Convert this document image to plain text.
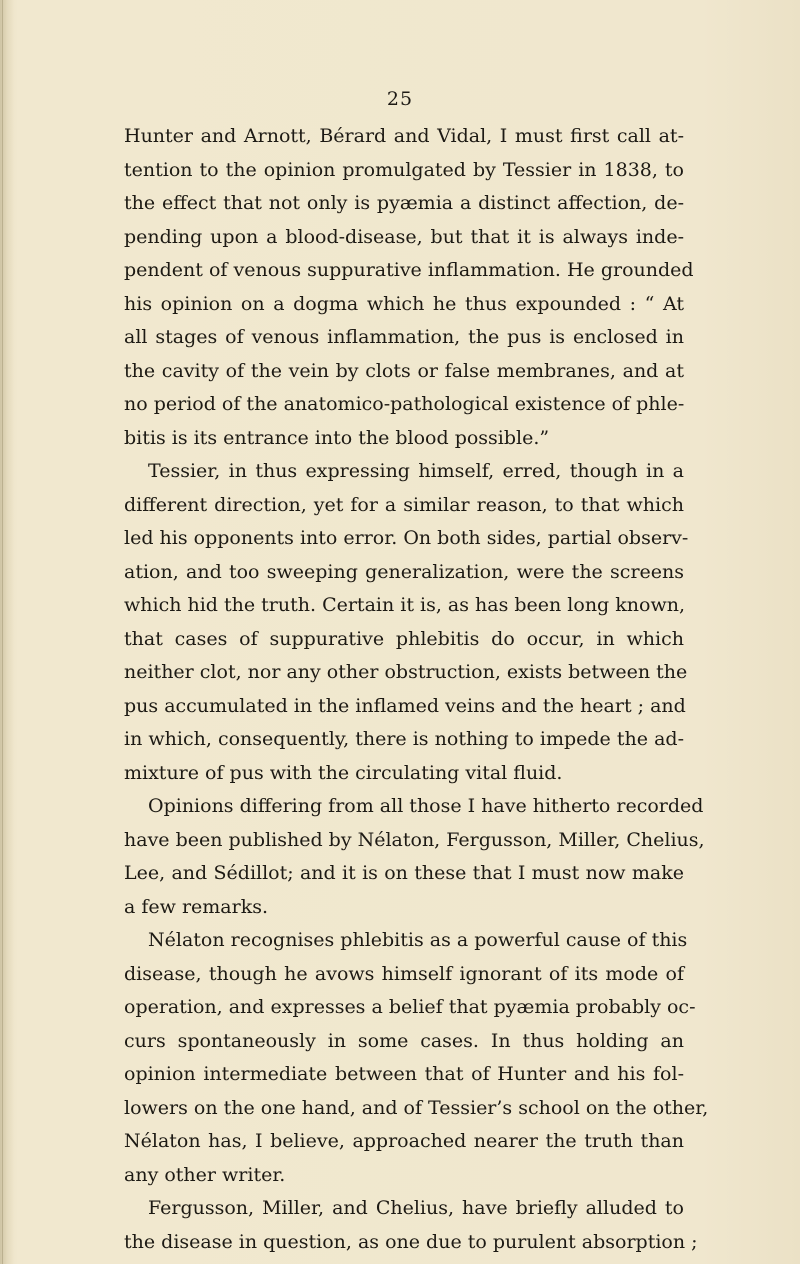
25
Hunter and Arnott, Bérard and Vidal, I must first call at-
tention to the opinion promulgated by Tessier in 1838, to
the effect that not only is pyæmia a distinct affection, de-
pending upon a blood-disease, but that it is always inde-
pendent of venous suppurative inflammation. He grounded
his opinion on a dogma which he thus expounded : “ At
all stages of venous inflammation, the pus is enclosed in
the cavity of the vein by clots or false membranes, and at
no period of the anatomico-pathological existence of phle-
bitis is its entrance into the blood possible.”
Tessier, in thus expressing himself, erred, though in a
different direction, yet for a similar reason, to that which
led his opponents into error. On both sides, partial observ-
ation, and too sweeping generalization, were the screens
which hid the truth. Certain it is, as has been long known,
that cases of suppurative phlebitis do occur, in which
neither clot, nor any other obstruction, exists between the
pus accumulated in the inflamed veins and the heart ; and
in which, consequently, there is nothing to impede the ad-
mixture of pus with the circulating vital fluid.
Opinions differing from all those I have hitherto recorded
have been published by Nélaton, Fergusson, Miller, Chelius,
Lee, and Sédillot; and it is on these that I must now make
a few remarks.
Nélaton recognises phlebitis as a powerful cause of this
disease, though he avows himself ignorant of its mode of
operation, and expresses a belief that pyæmia probably oc-
curs spontaneously in some cases. In thus holding an
opinion intermediate between that of Hunter and his fol-
lowers on the one hand, and of Tessier’s school on the other,
Nélaton has, I believe, approached nearer the truth than
any other writer.
Fergusson, Miller, and Chelius, have briefly alluded to
the disease in question, as one due to purulent absorption ;
